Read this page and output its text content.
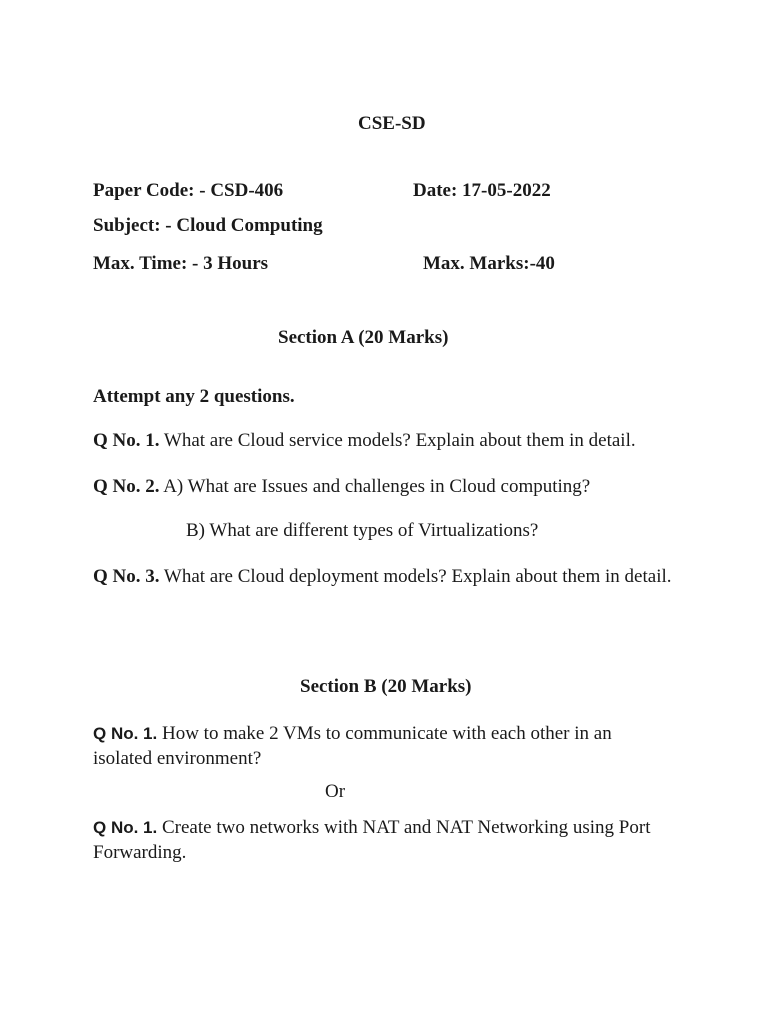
CSE-SD
Paper Code: - CSD-406	Date: 17-05-2022
Subject: - Cloud Computing
Max. Time: - 3 Hours	Max. Marks:-40
Section A (20 Marks)
Attempt any 2 questions.
Q No. 1. What are Cloud service models? Explain about them in detail.
Q No. 2. A) What are Issues and challenges in Cloud computing?
B) What are different types of Virtualizations?
Q No. 3. What are Cloud deployment models? Explain about them in detail.
Section B (20 Marks)
Q No. 1. How to make 2 VMs to communicate with each other in an isolated environment?
Or
Q No. 1. Create two networks with NAT and NAT Networking using Port Forwarding.
